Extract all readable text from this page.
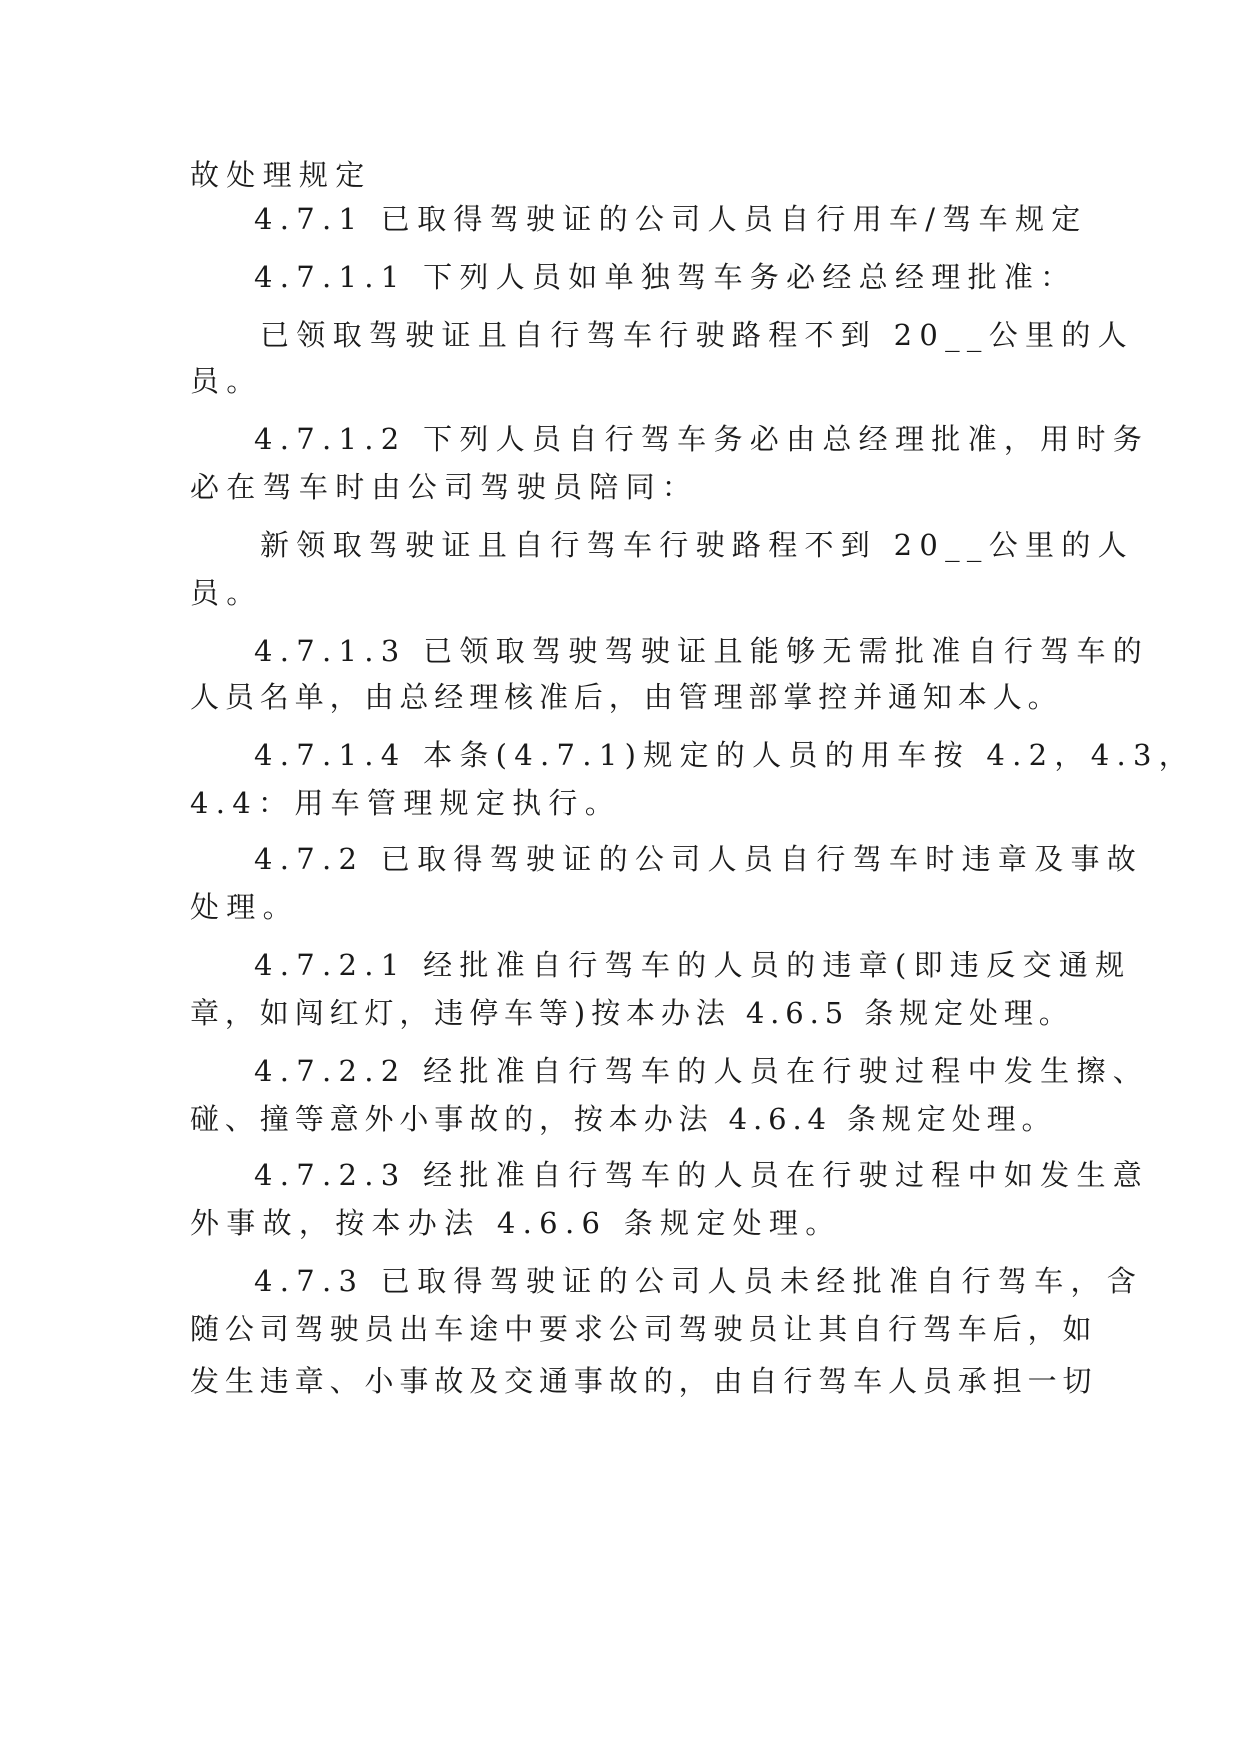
故处理规定
4.7.1 已取得驾驶证的公司人员自行用车/驾车规定
4.7.1.1 下列人员如单独驾车务必经总经理批准：
已领取驾驶证且自行驾车行驶路程不到 20__公里的人
员。
4.7.1.2 下列人员自行驾车务必由总经理批准，用时务
必在驾车时由公司驾驶员陪同：
新领取驾驶证且自行驾车行驶路程不到 20__公里的人
员。
4.7.1.3 已领取驾驶驾驶证且能够无需批准自行驾车的
人员名单，由总经理核准后，由管理部掌控并通知本人。
4.7.1.4 本条(4.7.1)规定的人员的用车按 4.2，4.3，
4.4：用车管理规定执行。
4.7.2 已取得驾驶证的公司人员自行驾车时违章及事故
处理。
4.7.2.1 经批准自行驾车的人员的违章(即违反交通规
章，如闯红灯，违停车等)按本办法 4.6.5 条规定处理。
4.7.2.2 经批准自行驾车的人员在行驶过程中发生擦、
碰、撞等意外小事故的，按本办法 4.6.4 条规定处理。
4.7.2.3 经批准自行驾车的人员在行驶过程中如发生意
外事故，按本办法 4.6.6 条规定处理。
4.7.3 已取得驾驶证的公司人员未经批准自行驾车，含
随公司驾驶员出车途中要求公司驾驶员让其自行驾车后，如
发生违章、小事故及交通事故的，由自行驾车人员承担一切
